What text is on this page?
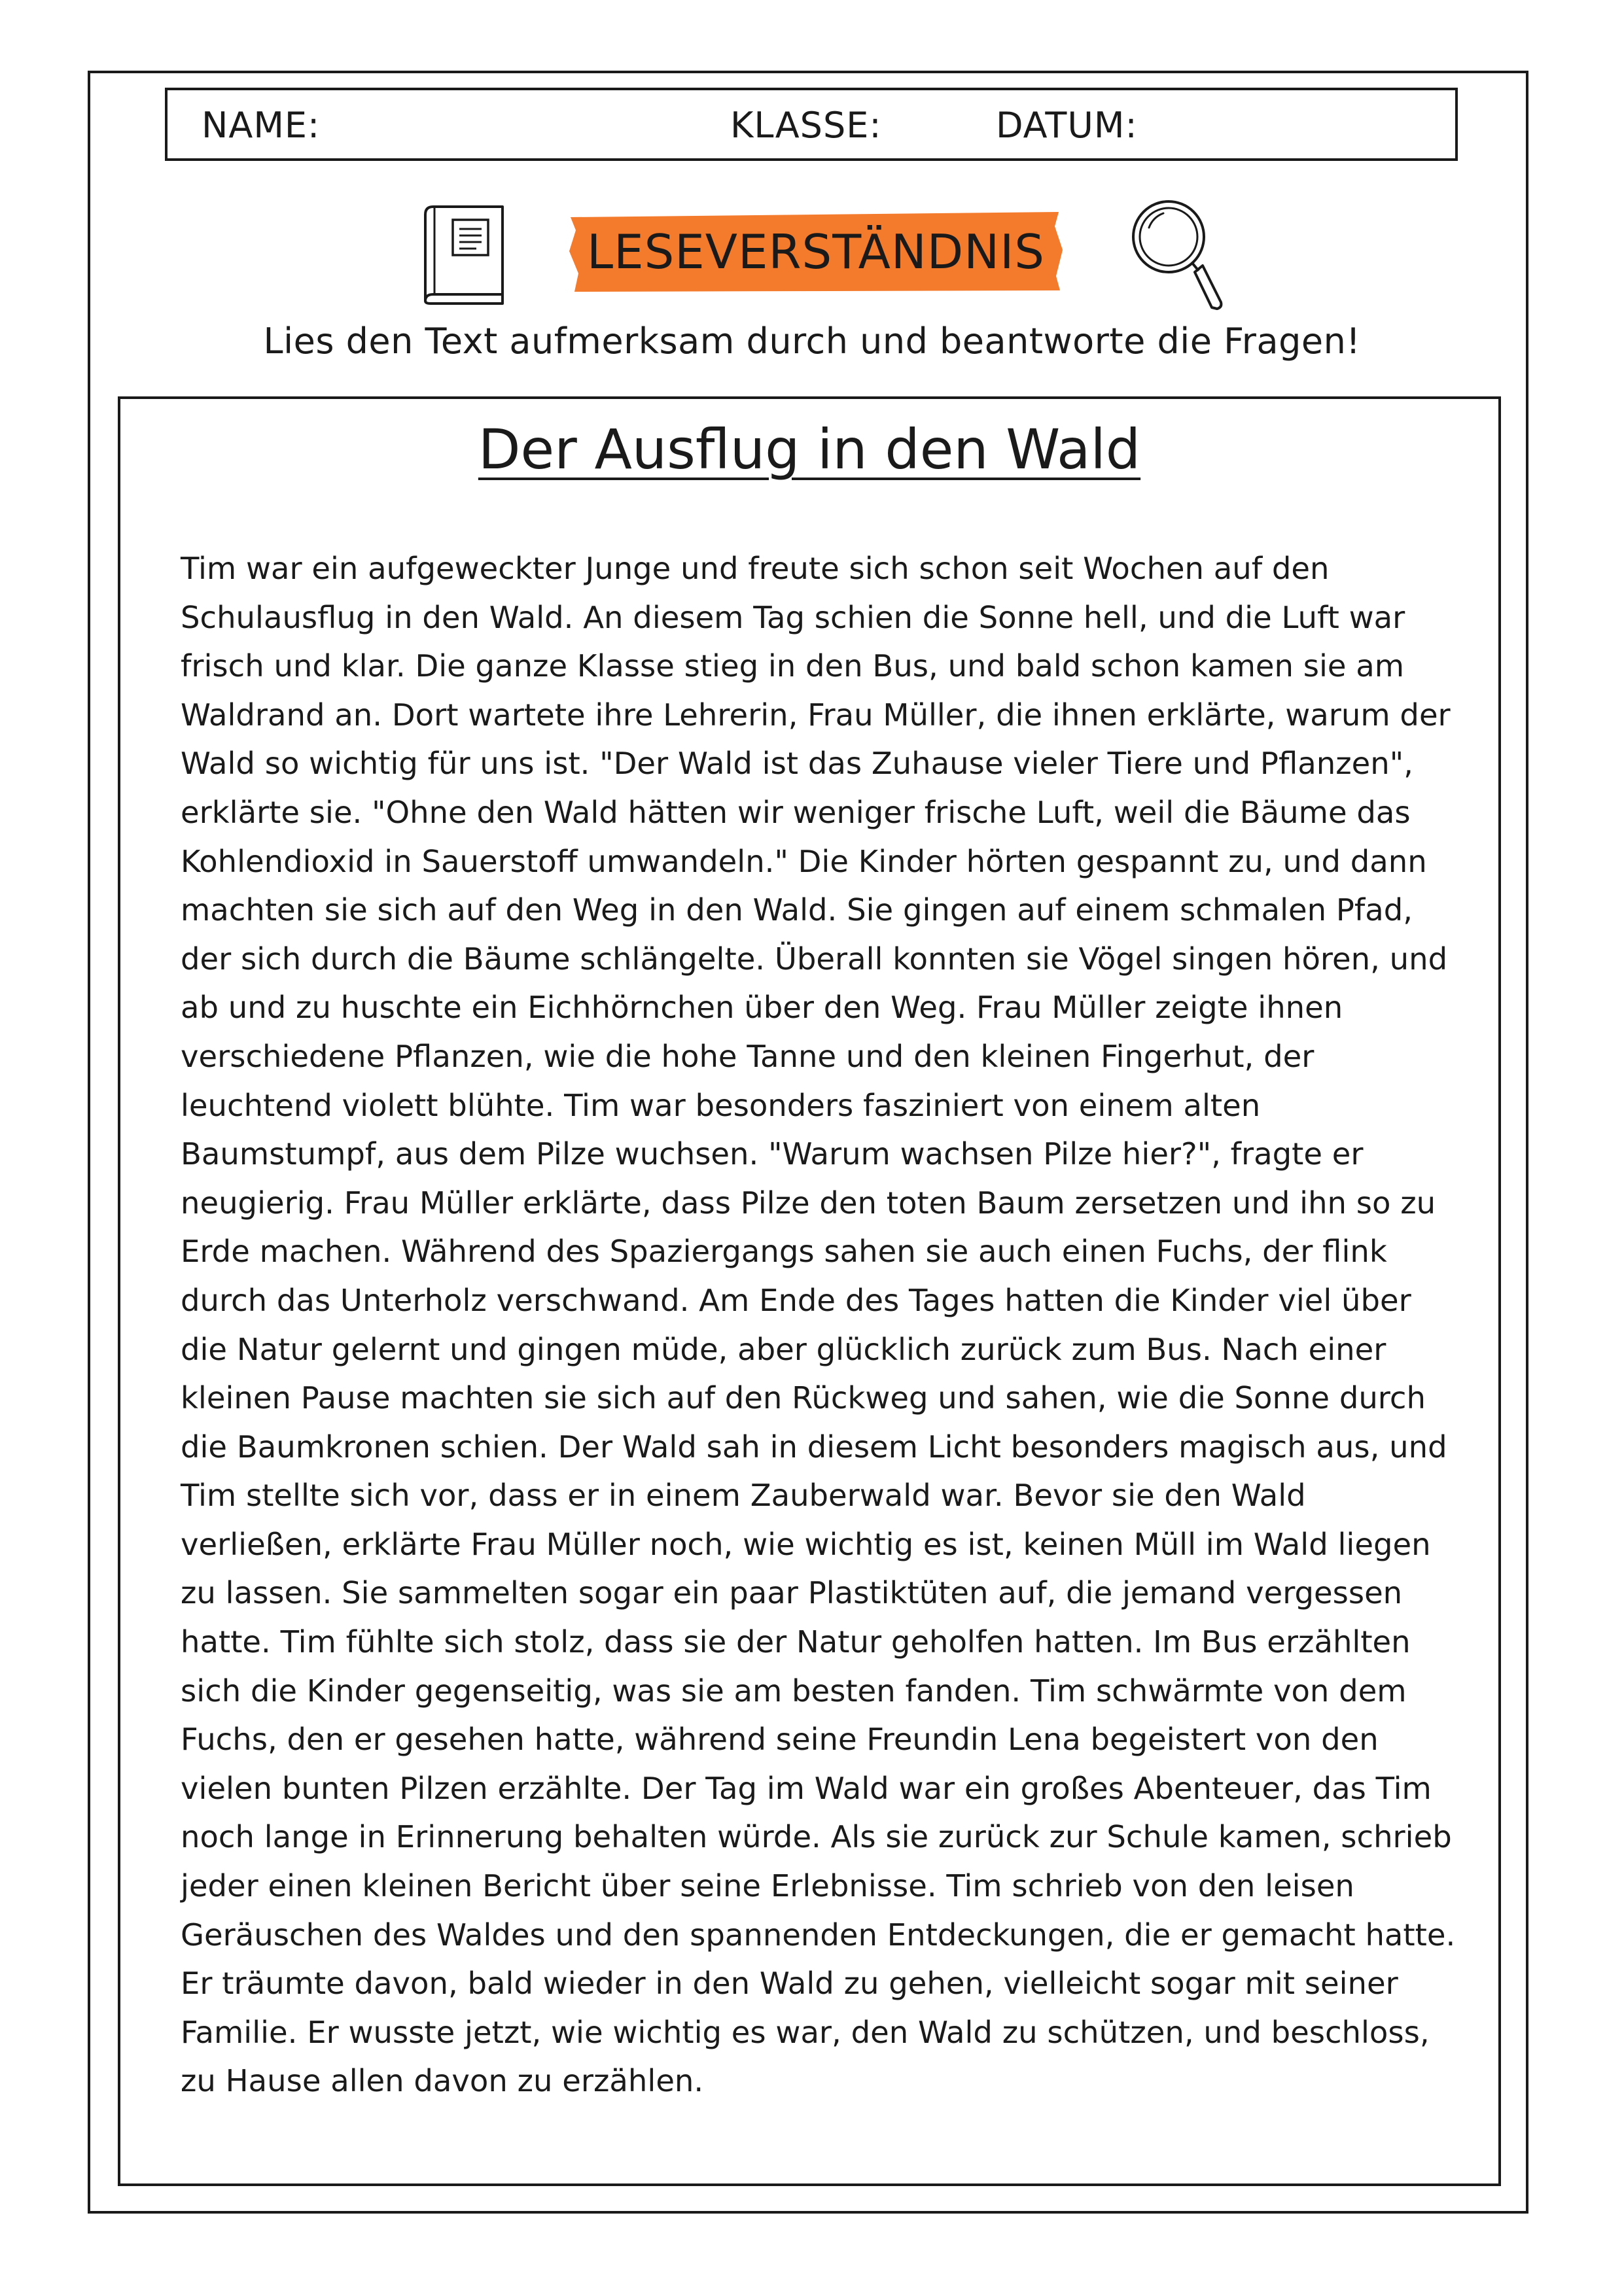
NAME:	KLASSE:	DATUM:
LESEVERSTÄNDNIS
Lies den Text aufmerksam durch und beantworte die Fragen!
Der Ausflug in den Wald

Tim war ein aufgeweckter Junge und freute sich schon seit Wochen auf den Schulausflug in den Wald. An diesem Tag schien die Sonne hell, und die Luft war frisch und klar. Die ganze Klasse stieg in den Bus, und bald schon kamen sie am Waldrand an. Dort wartete ihre Lehrerin, Frau Müller, die ihnen erklärte, warum der Wald so wichtig für uns ist. "Der Wald ist das Zuhause vieler Tiere und Pflanzen", erklärte sie. "Ohne den Wald hätten wir weniger frische Luft, weil die Bäume das Kohlendioxid in Sauerstoff umwandeln." Die Kinder hörten gespannt zu, und dann machten sie sich auf den Weg in den Wald. Sie gingen auf einem schmalen Pfad, der sich durch die Bäume schlängelte. Überall konnten sie Vögel singen hören, und ab und zu huschte ein Eichhörnchen über den Weg. Frau Müller zeigte ihnen verschiedene Pflanzen, wie die hohe Tanne und den kleinen Fingerhut, der leuchtend violett blühte. Tim war besonders fasziniert von einem alten Baumstumpf, aus dem Pilze wuchsen. "Warum wachsen Pilze hier?", fragte er neugierig. Frau Müller erklärte, dass Pilze den toten Baum zersetzen und ihn so zu Erde machen. Während des Spaziergangs sahen sie auch einen Fuchs, der flink durch das Unterholz verschwand. Am Ende des Tages hatten die Kinder viel über die Natur gelernt und gingen müde, aber glücklich zurück zum Bus. Nach einer kleinen Pause machten sie sich auf den Rückweg und sahen, wie die Sonne durch die Baumkronen schien. Der Wald sah in diesem Licht besonders magisch aus, und Tim stellte sich vor, dass er in einem Zauberwald war. Bevor sie den Wald verließen, erklärte Frau Müller noch, wie wichtig es ist, keinen Müll im Wald liegen zu lassen. Sie sammelten sogar ein paar Plastiktüten auf, die jemand vergessen hatte. Tim fühlte sich stolz, dass sie der Natur geholfen hatten. Im Bus erzählten sich die Kinder gegenseitig, was sie am besten fanden. Tim schwärmte von dem Fuchs, den er gesehen hatte, während seine Freundin Lena begeistert von den vielen bunten Pilzen erzählte. Der Tag im Wald war ein großes Abenteuer, das Tim noch lange in Erinnerung behalten würde. Als sie zurück zur Schule kamen, schrieb jeder einen kleinen Bericht über seine Erlebnisse. Tim schrieb von den leisen Geräuschen des Waldes und den spannenden Entdeckungen, die er gemacht hatte. Er träumte davon, bald wieder in den Wald zu gehen, vielleicht sogar mit seiner Familie. Er wusste jetzt, wie wichtig es war, den Wald zu schützen, und beschloss, zu Hause allen davon zu erzählen.
